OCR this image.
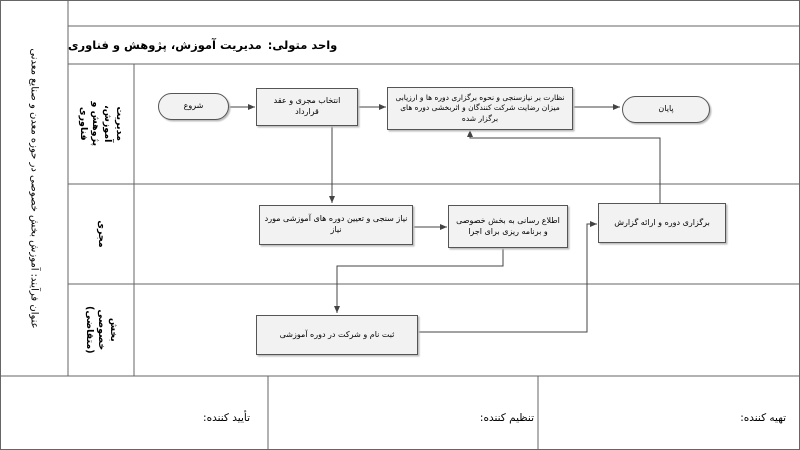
عنوان فرآیند: آموزش بخش خصوصی در حوزه معدن و صنایع معدنی
واحد متولی:
مدیریت آموزش، پژوهش و فناوری
مدیریت آموزش، پژوهش و
فناوری
مجری
بخش خصوصی
(متقاضی)
شروع
انتخاب مجری و عقد قرارداد
نظارت بر نیازسنجی و نحوه برگزاری دوره ها و ارزیابی میزان رضایت شرکت کنندگان و اثربخشی دوره های برگزار شده
پایان
نیاز سنجی و تعیین دوره های آموزشی مورد نیاز
اطلاع رسانی به بخش خصوصی و برنامه ریزی برای اجرا
برگزاری دوره و ارائه گزارش
ثبت نام و شرکت در دوره آموزشی
تهیه کننده:
تنظیم کننده:
تأیید کننده:
